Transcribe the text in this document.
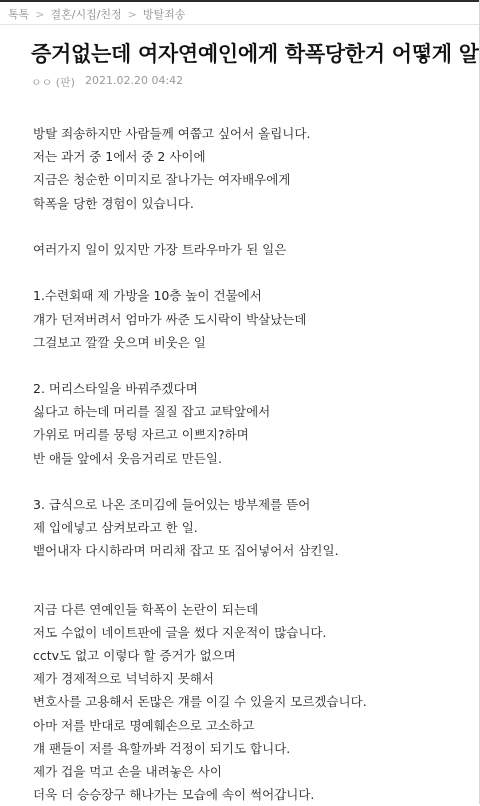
톡톡 > 결혼/시집/친정 > 방탈죄송
증거없는데 여자연예인에게 학폭당한거 어떻게 알
ㅇㅇ (판) 2021.02.20 04:42
방탈 죄송하지만 사람들께 여쭙고 싶어서 올립니다.
저는 과거 중 1에서 중 2 사이에
지금은 청순한 이미지로 잘나가는 여자배우에게
학폭을 당한 경험이 있습니다.
여러가지 일이 있지만 가장 트라우마가 된 일은
1.수련회때 제 가방을 10층 높이 건물에서
걔가 던져버려서 엄마가 싸준 도시락이 박살났는데
그걸보고 깔깔 웃으며 비웃은 일
2. 머리스타일을 바꿔주겠다며
싫다고 하는데 머리를 질질 잡고 교탁앞에서
가위로 머리를 뭉텅 자르고 이쁘지?하며
반 애들 앞에서 웃음거리로 만든일.
3. 급식으로 나온 조미김에 들어있는 방부제를 뜯어
제 입에넣고 삼켜보라고 한 일.
뱉어내자 다시하라며 머리채 잡고 또 집어넣어서 삼킨일.
지금 다른 연예인들 학폭이 논란이 되는데
저도 수없이 네이트판에 글을 썼다 지운적이 많습니다.
cctv도 없고 이렇다 할 증거가 없으며
제가 경제적으로 넉넉하지 못해서
변호사를 고용해서 돈많은 걔를 이길 수 있을지 모르겠습니다.
아마 저를 반대로 명예훼손으로 고소하고
걔 팬들이 저를 욕할까봐 걱정이 되기도 합니다.
제가 겁을 먹고 손을 내려놓은 사이
더욱 더 승승장구 해나가는 모습에 속이 썩어갑니다.
